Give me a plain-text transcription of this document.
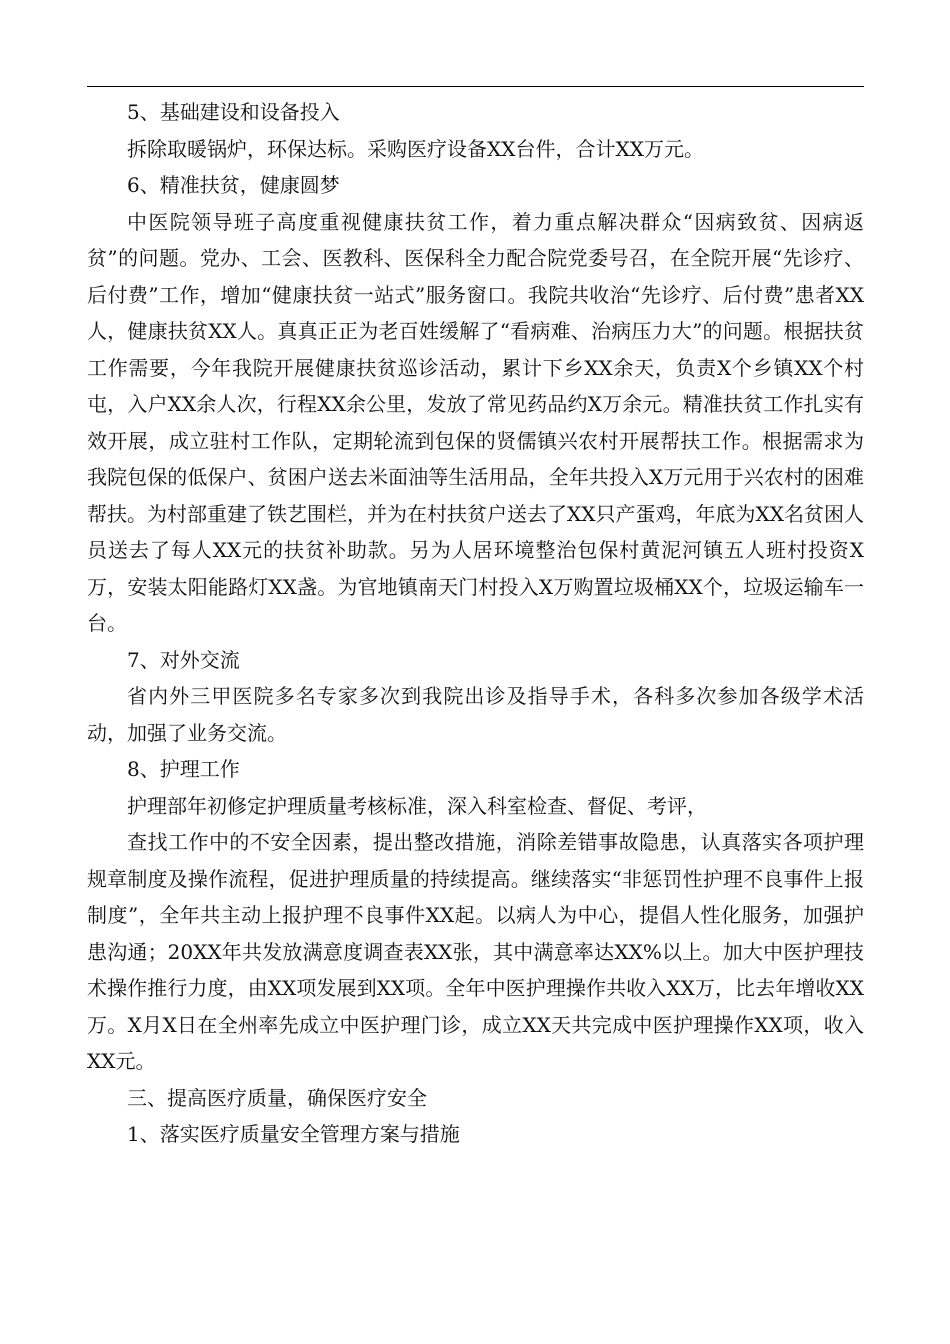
5、基础建设和设备投入

拆除取暖锅炉，环保达标。采购医疗设备XX台件，合计XX万元。

6、精准扶贫，健康圆梦

中医院领导班子高度重视健康扶贫工作，着力重点解决群众“因病致贫、因病返贫”的问题。党办、工会、医教科、医保科全力配合院党委号召，在全院开展“先诊疗、后付费”工作，增加“健康扶贫一站式”服务窗口。我院共收治“先诊疗、后付费”患者XX人，健康扶贫XX人。真真正正为老百姓缓解了“看病难、治病压力大”的问题。根据扶贫工作需要，今年我院开展健康扶贫巡诊活动，累计下乡XX余天，负责X个乡镇XX个村屯，入户XX余人次，行程XX余公里，发放了常见药品约X万余元。精准扶贫工作扎实有效开展，成立驻村工作队，定期轮流到包保的贤儒镇兴农村开展帮扶工作。根据需求为我院包保的低保户、贫困户送去米面油等生活用品，全年共投入X万元用于兴农村的困难帮扶。为村部重建了铁艺围栏，并为在村扶贫户送去了XX只产蛋鸡，年底为XX名贫困人员送去了每人XX元的扶贫补助款。另为人居环境整治包保村黄泥河镇五人班村投资X万，安装太阳能路灯XX盏。为官地镇南天门村投入X万购置垃圾桶XX个，垃圾运输车一台。

7、对外交流

省内外三甲医院多名专家多次到我院出诊及指导手术，各科多次参加各级学术活动，加强了业务交流。

8、护理工作

护理部年初修定护理质量考核标准，深入科室检查、督促、考评，

查找工作中的不安全因素，提出整改措施，消除差错事故隐患，认真落实各项护理规章制度及操作流程，促进护理质量的持续提高。继续落实“非惩罚性护理不良事件上报制度”，全年共主动上报护理不良事件XX起。以病人为中心，提倡人性化服务，加强护患沟通；20XX年共发放满意度调查表XX张，其中满意率达XX%以上。加大中医护理技术操作推行力度，由XX项发展到XX项。全年中医护理操作共收入XX万，比去年增收XX万。X月X日在全州率先成立中医护理门诊，成立XX天共完成中医护理操作XX项，收入XX元。

三、提高医疗质量，确保医疗安全

1、落实医疗质量安全管理方案与措施
